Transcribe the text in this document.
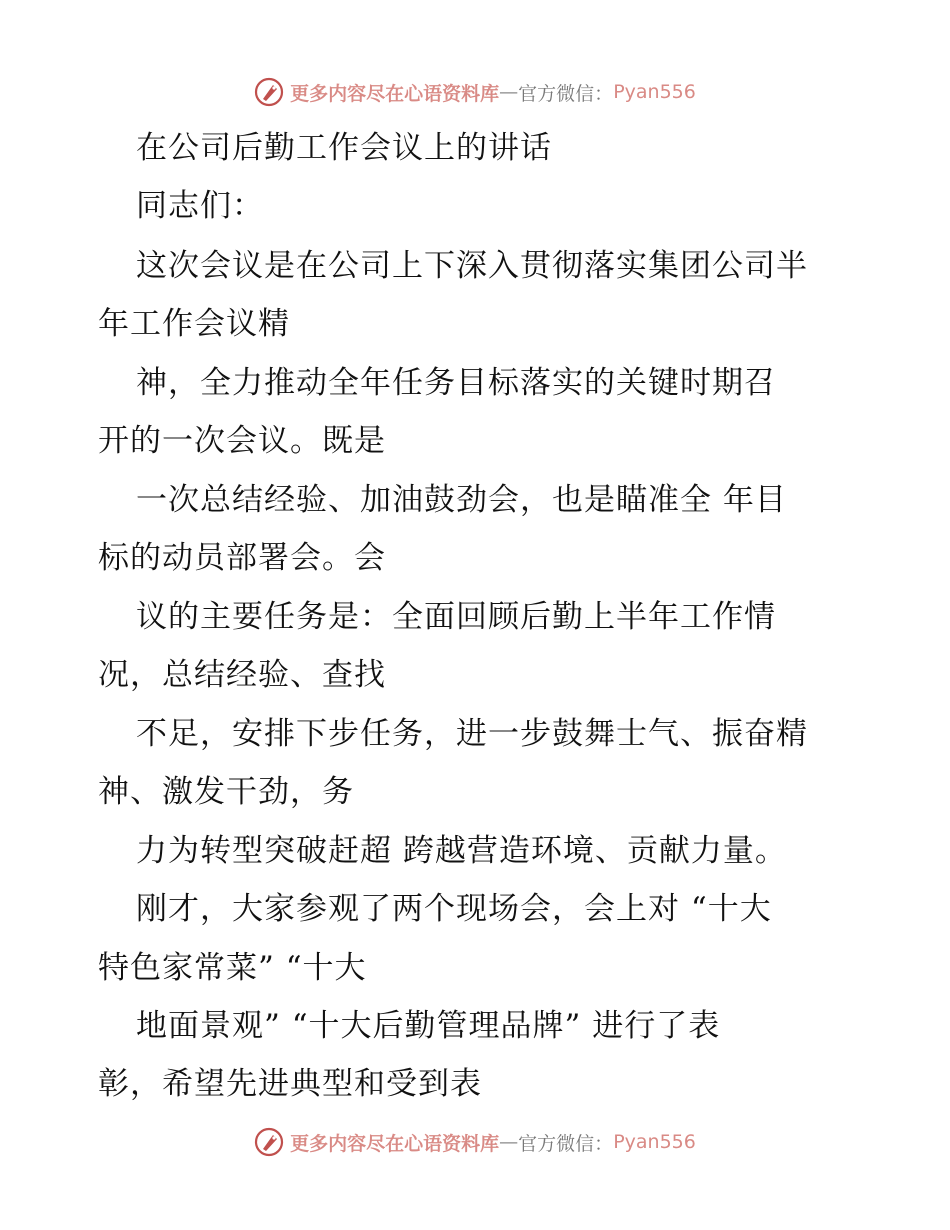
更多内容尽在心语资料库 — 官方微信： Pyan556
在公司后勤工作会议上的讲话
同志们：
这次会议是在公司上下深入贯彻落实集团公司半
年工作会议精
神，全力推动全年任务目标落实的关键时期召
开的一次会议。既是
一次总结经验、加油鼓劲会，也是瞄准全 年目
标的动员部署会。会
议的主要任务是：全面回顾后勤上半年工作情
况，总结经验、查找
不足，安排下步任务，进一步鼓舞士气、振奋精
神、激发干劲，务
力为转型突破赶超 跨越营造环境、贡献力量。
刚才，大家参观了两个现场会，会上对 “十大
特色家常菜” “十大
地面景观” “十大后勤管理品牌” 进行了表
彰，希望先进典型和受到表
更多内容尽在心语资料库 — 官方微信： Pyan556
